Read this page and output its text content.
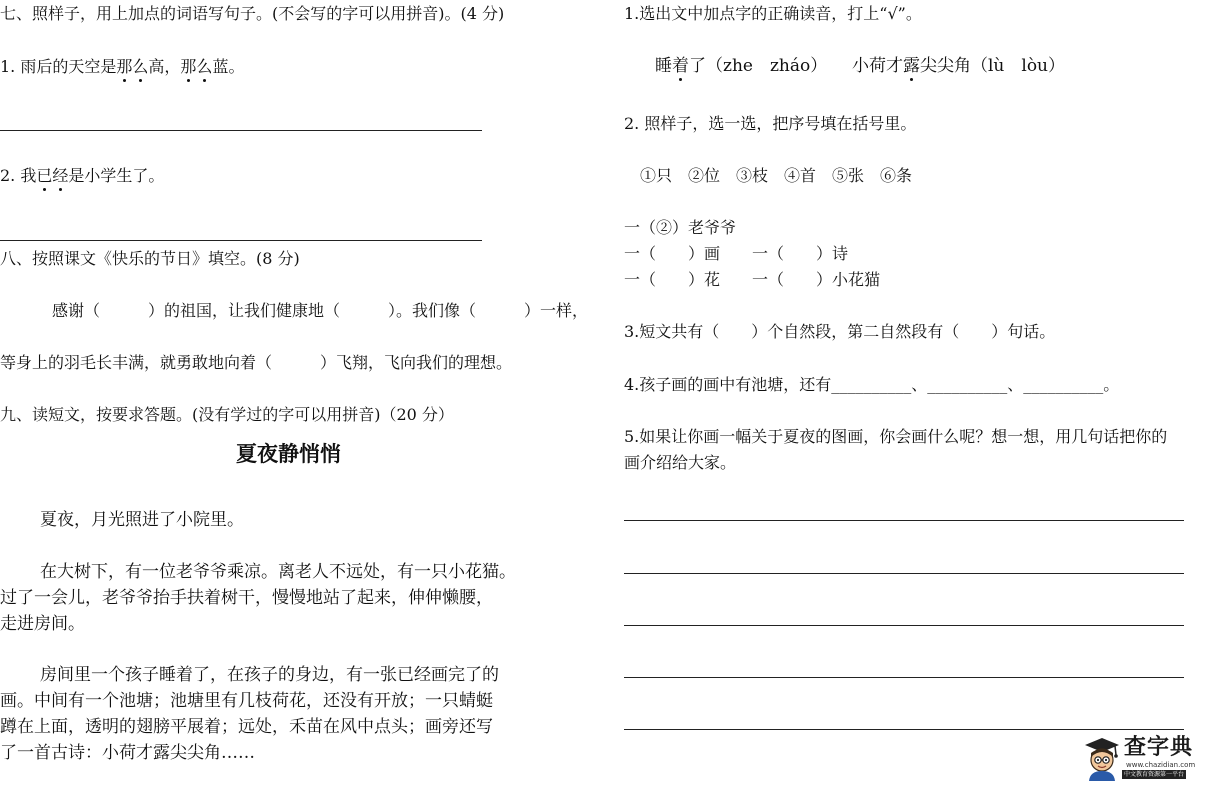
七、照样子，用上加点的词语写句子。(不会写的字可以用拼音)。(4 分)
1. 雨后的天空是那么高，那么蓝。
2. 我已经是小学生了。
八、按照课文《快乐的节日》填空。(8 分)
感谢（　　　）的祖国，让我们健康地（　　　）。我们像（　　　）一样，
等身上的羽毛长丰满，就勇敢地向着（　　　）飞翔，飞向我们的理想。
九、读短文，按要求答题。(没有学过的字可以用拼音)（20 分）
夏夜静悄悄
夏夜，月光照进了小院里。
在大树下，有一位老爷爷乘凉。离老人不远处，有一只小花猫。
过了一会儿，老爷爷抬手扶着树干，慢慢地站了起来，伸伸懒腰，
走进房间。
房间里一个孩子睡着了，在孩子的身边，有一张已经画完了的
画。中间有一个池塘；池塘里有几枝荷花，还没有开放；一只蜻蜓
蹲在上面，透明的翅膀平展着；远处，禾苗在风中点头；画旁还写
了一首古诗：小荷才露尖尖角……
1.选出文中加点字的正确读音，打上“√”。
睡着了（zhe　zháo） 小荷才露尖尖角（lù　lòu）
2. 照样子，选一选，把序号填在括号里。
①只　②位　③枝　④首　⑤张　⑥条
一（②）老爷爷
一（　　）画　　一（　　）诗
一（　　）花　　一（　　）小花猫
3.短文共有（　　）个自然段，第二自然段有（　　）句话。
4.孩子画的画中有池塘，还有__________、__________、__________。
5.如果让你画一幅关于夏夜的图画，你会画什么呢？想一想，用几句话把你的
画介绍给大家。
查字典
www.chazidian.com
中文教育资源第一平台
